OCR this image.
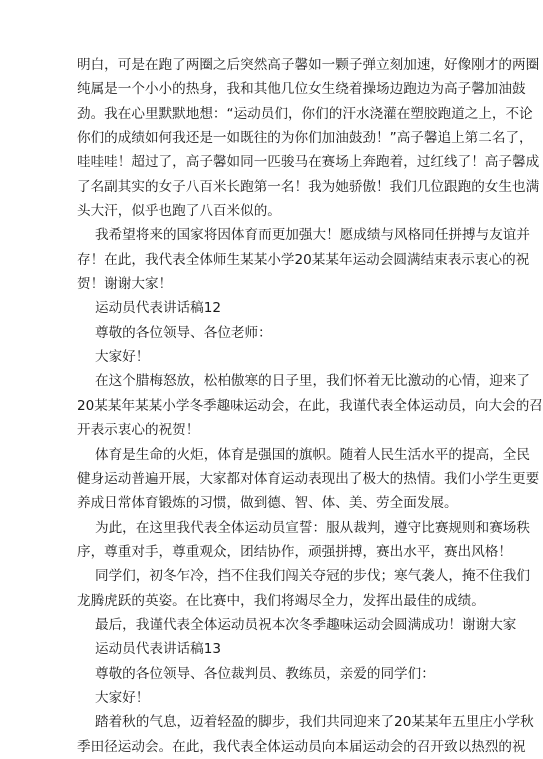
明白，可是在跑了两圈之后突然高子馨如一颗子弹立刻加速，好像刚才的两圈
纯属是一个小小的热身，我和其他几位女生绕着操场边跑边为高子馨加油鼓
劲。我在心里默默地想：“运动员们，你们的汗水浇灌在塑胶跑道之上，不论
你们的成绩如何我还是一如既往的为你们加油鼓劲！”高子馨追上第二名了，
哇哇哇！超过了，高子馨如同一匹骏马在赛场上奔跑着，过红线了！高子馨成
了名副其实的女子八百米长跑第一名！我为她骄傲！我们几位跟跑的女生也满
头大汗，似乎也跑了八百米似的。
我希望将来的国家将因体育而更加强大！愿成绩与风格同任拼搏与友谊并
存！在此，我代表全体师生某某小学20某某年运动会圆满结束表示衷心的祝
贺！谢谢大家！
运动员代表讲话稿12
尊敬的各位领导、各位老师：
大家好！
在这个腊梅怒放，松柏傲寒的日子里，我们怀着无比激动的心情，迎来了
20某某年某某小学冬季趣味运动会，在此，我谨代表全体运动员，向大会的召
开表示衷心的祝贺！
体育是生命的火炬，体育是强国的旗帜。随着人民生活水平的提高，全民
健身运动普遍开展，大家都对体育运动表现出了极大的热情。我们小学生更要
养成日常体育锻炼的习惯，做到德、智、体、美、劳全面发展。
为此，在这里我代表全体运动员宣誓：服从裁判，遵守比赛规则和赛场秩
序，尊重对手，尊重观众，团结协作，顽强拼搏，赛出水平，赛出风格！
同学们，初冬乍冷，挡不住我们闯关夺冠的步伐；寒气袭人，掩不住我们
龙腾虎跃的英姿。在比赛中，我们将竭尽全力，发挥出最佳的成绩。
最后，我谨代表全体运动员祝本次冬季趣味运动会圆满成功！谢谢大家
运动员代表讲话稿13
尊敬的各位领导、各位裁判员、教练员，亲爱的同学们：
大家好！
踏着秋的气息，迈着轻盈的脚步，我们共同迎来了20某某年五里庄小学秋
季田径运动会。在此，我代表全体运动员向本届运动会的召开致以热烈的祝
